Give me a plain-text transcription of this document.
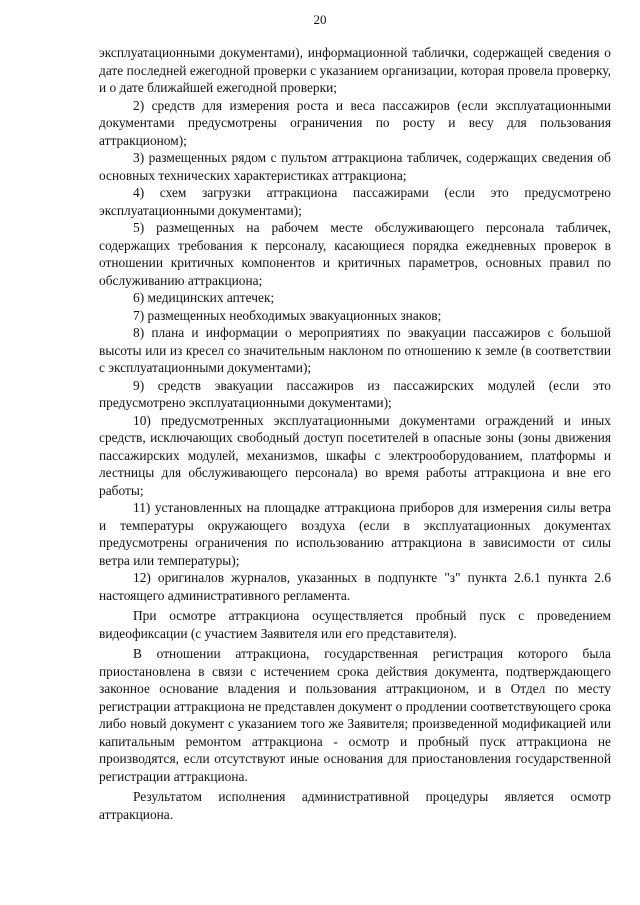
20

эксплуатационными документами), информационной таблички, содержащей сведения о дате последней ежегодной проверки с указанием организации, которая провела проверку, и о дате ближайшей ежегодной проверки;

2) средств для измерения роста и веса пассажиров (если эксплуатационными документами предусмотрены ограничения по росту и весу для пользования аттракционом);

3) размещенных рядом с пультом аттракциона табличек, содержащих сведения об основных технических характеристиках аттракциона;

4) схем загрузки аттракциона пассажирами (если это предусмотрено эксплуатационными документами);

5) размещенных на рабочем месте обслуживающего персонала табличек, содержащих требования к персоналу, касающиеся порядка ежедневных проверок в отношении критичных компонентов и критичных параметров, основных правил по обслуживанию аттракциона;

6) медицинских аптечек;

7) размещенных необходимых эвакуационных знаков;

8) плана и информации о мероприятиях по эвакуации пассажиров с большой высоты или из кресел со значительным наклоном по отношению к земле (в соответствии с эксплуатационными документами);

9) средств эвакуации пассажиров из пассажирских модулей (если это предусмотрено эксплуатационными документами);

10) предусмотренных эксплуатационными документами ограждений и иных средств, исключающих свободный доступ посетителей в опасные зоны (зоны движения пассажирских модулей, механизмов, шкафы с электрооборудованием, платформы и лестницы для обслуживающего персонала) во время работы аттракциона и вне его работы;

11) установленных на площадке аттракциона приборов для измерения силы ветра и температуры окружающего воздуха (если в эксплуатационных документах предусмотрены ограничения по использованию аттракциона в зависимости от силы ветра или температуры);

12) оригиналов журналов, указанных в подпункте "з" пункта 2.6.1 пункта 2.6 настоящего административного регламента.

При осмотре аттракциона осуществляется пробный пуск с проведением видеофиксации (с участием Заявителя или его представителя).

В отношении аттракциона, государственная регистрация которого была приостановлена в связи с истечением срока действия документа, подтверждающего законное основание владения и пользования аттракционом, и в Отдел по месту регистрации аттракциона не представлен документ о продлении соответствующего срока либо новый документ с указанием того же Заявителя; произведенной модификацией или капитальным ремонтом аттракциона - осмотр и пробный пуск аттракциона не производятся, если отсутствуют иные основания для приостановления государственной регистрации аттракциона.

Результатом исполнения административной процедуры является осмотр аттракциона.
